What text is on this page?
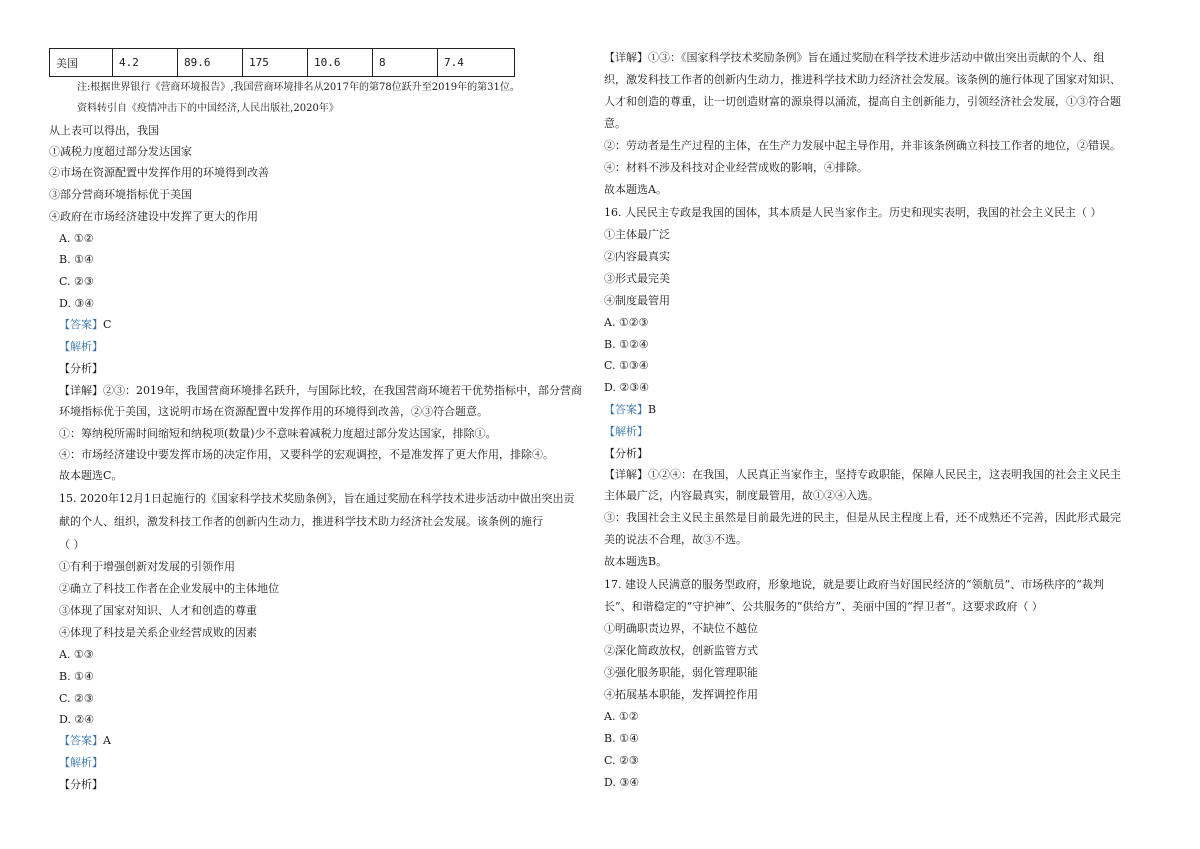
美国	4.2	89.6	175	10.6	8	7.4
注:根据世界银行《营商环境报告》,我国营商环境排名从2017年的第78位跃升至2019年的第31位。
资料转引自《疫情冲击下的中国经济,人民出版社,2020年》
从上表可以得出，我国
①减税力度超过部分发达国家
②市场在资源配置中发挥作用的环境得到改善
③部分营商环境指标优于美国
④政府在市场经济建设中发挥了更大的作用
A. ①②
B. ①④
C. ②③
D. ③④
【答案】C
【解析】
【分析】
【详解】②③：2019年，我国营商环境排名跃升，与国际比较，在我国营商环境若干优势指标中，部分营商
环境指标优于美国，这说明市场在资源配置中发挥作用的环境得到改善，②③符合题意。
①：筹纳税所需时间缩短和纳税项(数量)少不意味着减税力度超过部分发达国家，排除①。
④：市场经济建设中要发挥市场的决定作用，又要科学的宏观调控，不是准发挥了更大作用，排除④。
故本题选C。
15. 2020年12月1日起施行的《国家科学技术奖励条例》，旨在通过奖励在科学技术进步活动中做出突出贡
献的个人、组织，激发科技工作者的创新内生动力，推进科学技术助力经济社会发展。该条例的施行
（ ）
①有利于增强创新对发展的引领作用
②确立了科技工作者在企业发展中的主体地位
③体现了国家对知识、人才和创造的尊重
④体现了科技是关系企业经营成败的因素
A. ①③
B. ①④
C. ②③
D. ②④
【答案】A
【解析】
【分析】
【详解】①③：《国家科学技术奖励条例》旨在通过奖励在科学技术进步活动中做出突出贡献的个人、组
织，激发科技工作者的创新内生动力，推进科学技术助力经济社会发展。该条例的施行体现了国家对知识、
人才和创造的尊重，让一切创造财富的源泉得以涌流，提高自主创新能力，引领经济社会发展，①③符合题
意。
②：劳动者是生产过程的主体，在生产力发展中起主导作用，并非该条例确立科技工作者的地位，②错误。
④：材料不涉及科技对企业经营成败的影响，④排除。
故本题选A。
16. 人民民主专政是我国的国体，其本质是人民当家作主。历史和现实表明，我国的社会主义民主（ ）
①主体最广泛
②内容最真实
③形式最完美
④制度最管用
A. ①②③
B. ①②④
C. ①③④
D. ②③④
【答案】B
【解析】
【分析】
【详解】①②④：在我国，人民真正当家作主，坚持专政职能，保障人民民主，这表明我国的社会主义民主
主体最广泛，内容最真实，制度最管用，故①②④入选。
③：我国社会主义民主虽然是目前最先进的民主，但是从民主程度上看，还不成熟还不完善，因此形式最完
美的说法不合理，故③不选。
故本题选B。
17. 建设人民满意的服务型政府，形象地说，就是要让政府当好国民经济的“领航员”、市场秩序的“裁判
长”、和谐稳定的“守护神”、公共服务的“供给方”、美丽中国的“捍卫者”。这要求政府（ ）
①明确职责边界，不缺位不越位
②深化简政放权，创新监管方式
③强化服务职能，弱化管理职能
④拓展基本职能，发挥调控作用
A. ①②
B. ①④
C. ②③
D. ③④
